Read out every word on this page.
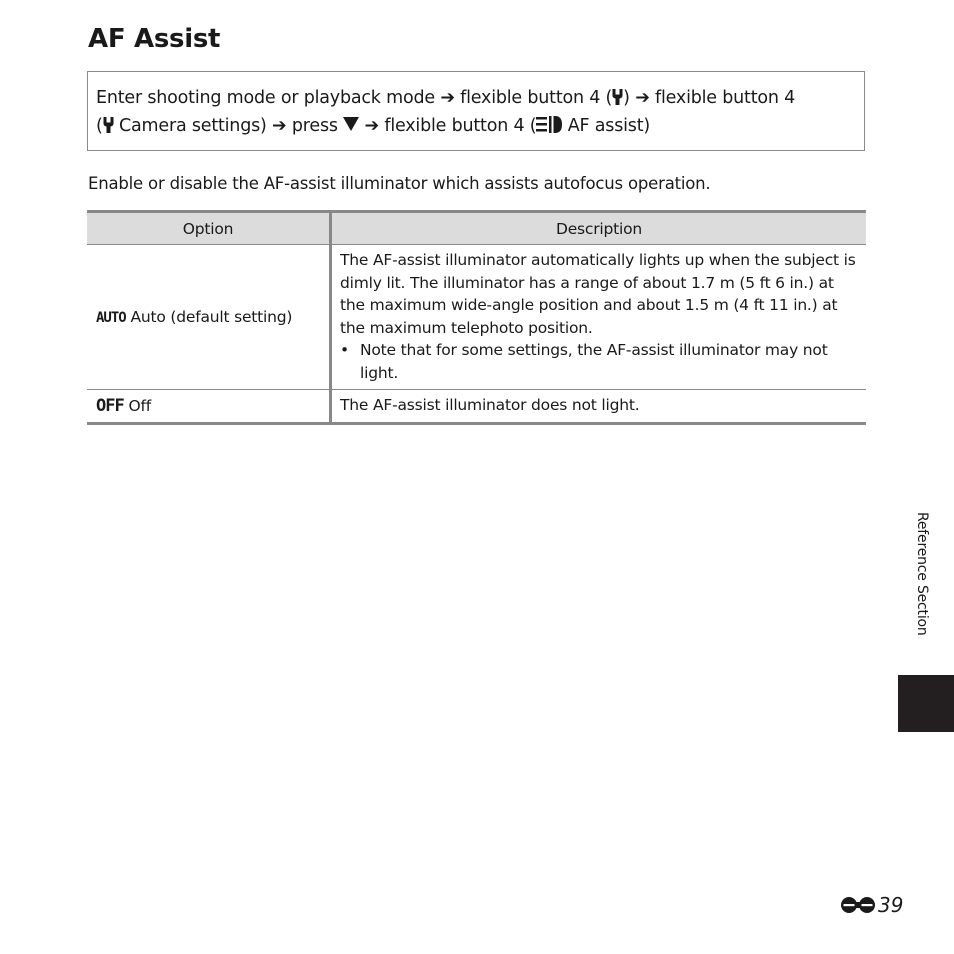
AF Assist
Enter shooting mode or playback mode ➔ flexible button 4 ( ) ➔ flexible button 4
( Camera settings) ➔ press ➔ flexible button 4 ( AF assist)

Enable or disable the AF-assist illuminator which assists autofocus operation.

Option	Description
AUTO Auto (default setting)	The AF-assist illuminator automatically lights up when the subject is dimly lit. The illuminator has a range of about 1.7 m (5 ft 6 in.) at the maximum wide-angle position and about 1.5 m (4 ft 11 in.) at the maximum telephoto position.
• Note that for some settings, the AF-assist illuminator may not light.

OFF Off	The AF-assist illuminator does not light.
Reference Section
39
